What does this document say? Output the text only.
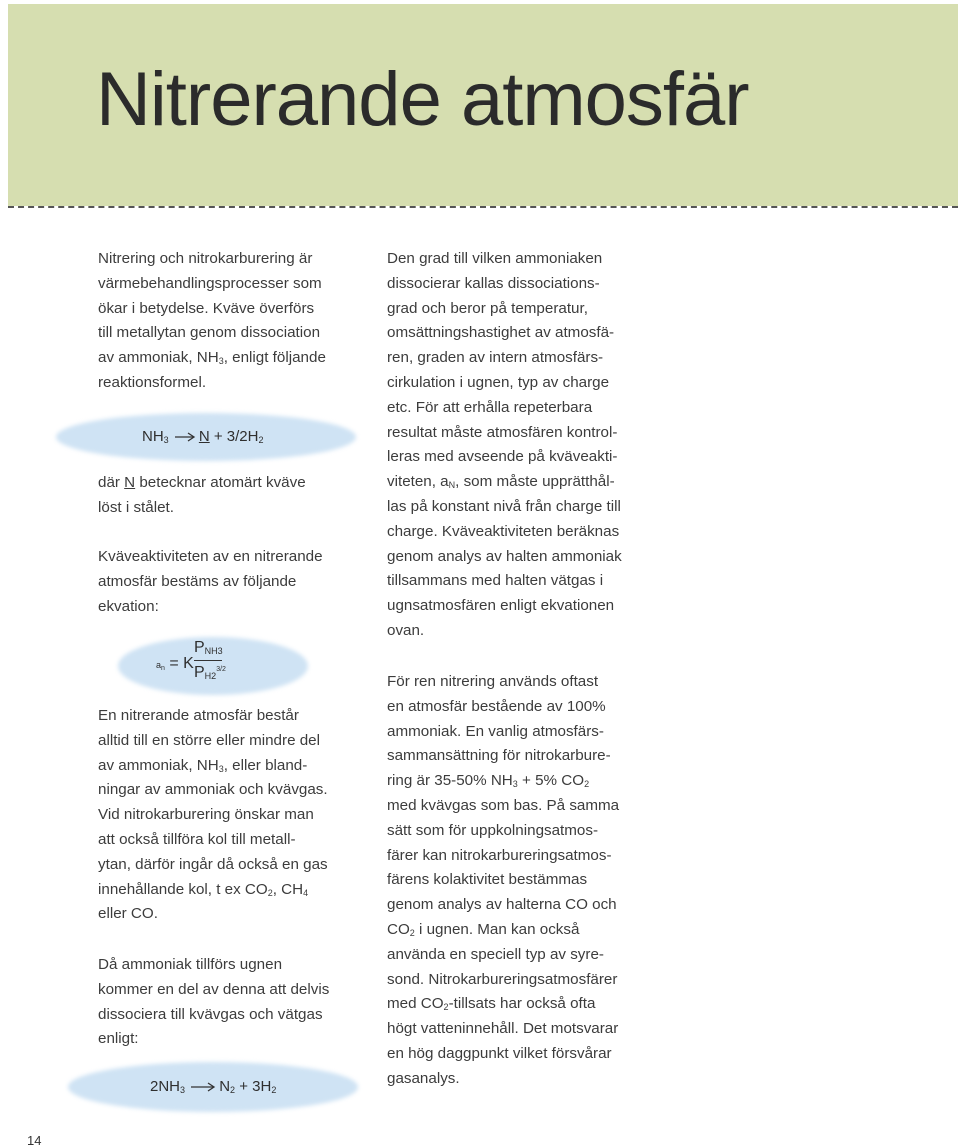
Nitrerande atmosfär
Nitrering och nitrokarburering är
värmebehandlingsprocesser som
ökar i betydelse. Kväve överförs
till metallytan genom dissociation
av ammoniak, $NH_3$, enligt följande
reaktionsformel.
$NH_3 \to N + 3/2H_2$
där N betecknar atomärt kväve
löst i stålet.
Kväveaktiviteten av en nitrerande
atmosfär bestäms av följande
ekvation:
$a_n = K$
$P_{NH3}$
$P_{H2}^{3/2}$
En nitrerande atmosfär består
alltid till en större eller mindre del
av ammoniak, $NH_3$, eller bland-
ningar av ammoniak och kvävgas.
Vid nitrokarburering önskar man
att också tillföra kol till metall-
ytan, därför ingår då också en gas
innehållande kol, t ex $CO_2$, $CH_4$
eller CO.
Då ammoniak tillförs ugnen
kommer en del av denna att delvis
dissociera till kvävgas och vätgas
enligt:
$2NH_3 \to N_2 + 3H_2$
Den grad till vilken ammoniaken
dissocierar kallas dissociations-
grad och beror på temperatur,
omsättningshastighet av atmosfä-
ren, graden av intern atmosfärs-
cirkulation i ugnen, typ av charge
etc. För att erhålla repeterbara
resultat måste atmosfären kontrol-
leras med avseende på kväveakti-
viteten, $a_N$, som måste upprätthål-
las på konstant nivå från charge till
charge. Kväveaktiviteten beräknas
genom analys av halten ammoniak
tillsammans med halten vätgas i
ugnsatmosfären enligt ekvationen
ovan.
För ren nitrering används oftast
en atmosfär bestående av 100%
ammoniak. En vanlig atmosfärs-
sammansättning för nitrokarbure-
ring är 35-50% $NH_3 + 5\%$ $CO_2$
med kvävgas som bas. På samma
sätt som för uppkolningsatmos-
färer kan nitrokarbureringsatmos-
färens kolaktivitet bestämmas
genom analys av halterna CO och
$CO_2$ i ugnen. Man kan också
använda en speciell typ av syre-
sond. Nitrokarbureringsatmosfärer
med $CO_2$-tillsats har också ofta
högt vatteninnehåll. Det motsvarar
en hög daggpunkt vilket försvårar
gasanalys.
14
